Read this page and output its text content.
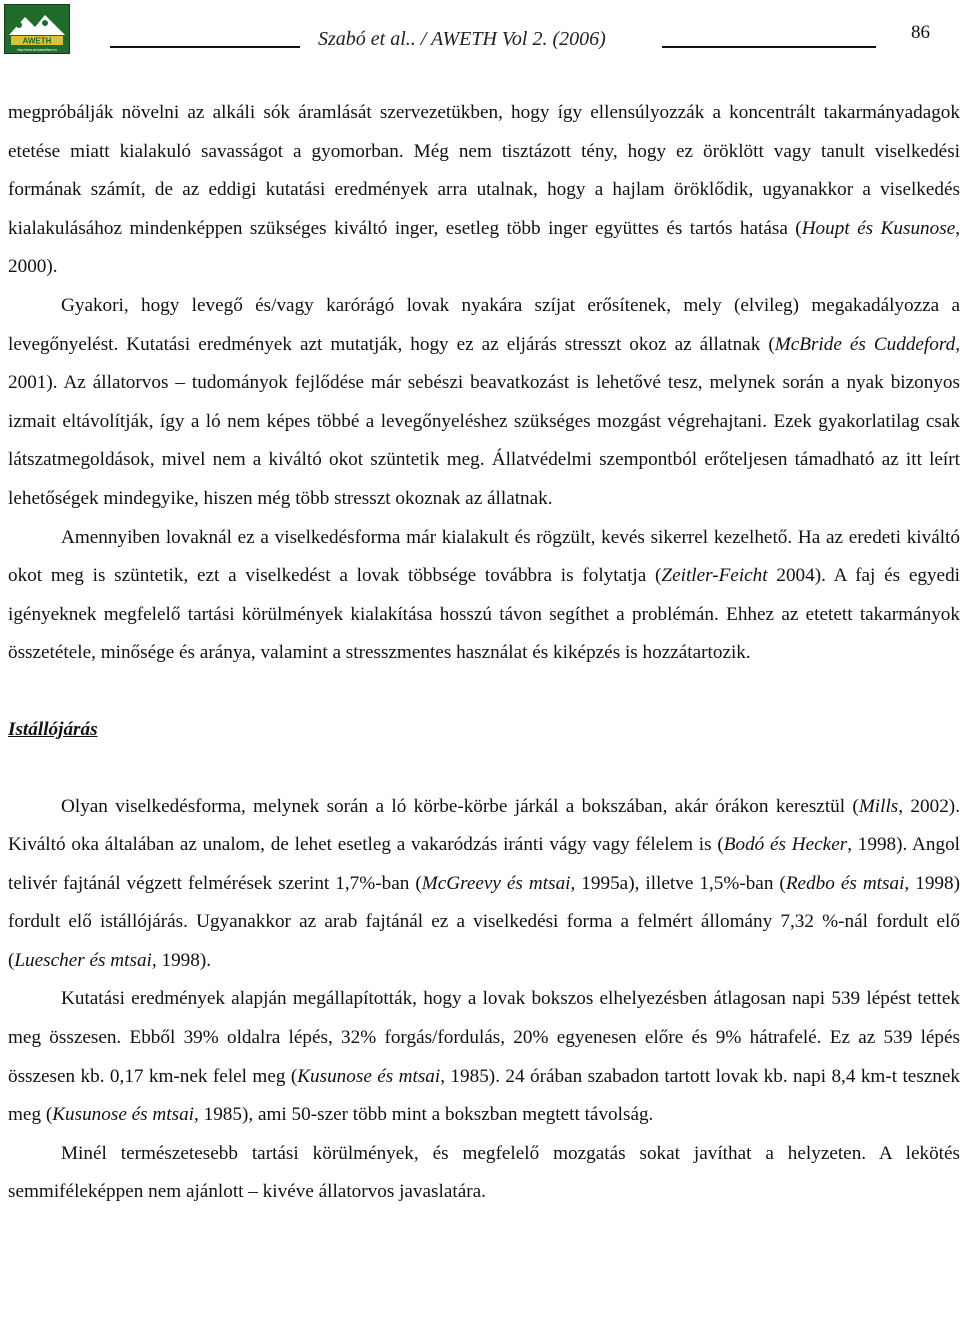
AWETH
http://www.animalwelfare.hu	Szabó et al.. / AWETH Vol 2. (2006)	86

megpróbálják növelni az alkáli sók áramlását szervezetükben, hogy így ellensúlyozzák a koncentrált takarmányadagok etetése miatt kialakuló savasságot a gyomorban. Még nem tisztázott tény, hogy ez öröklött vagy tanult viselkedési formának számít, de az eddigi kutatási eredmények arra utalnak, hogy a hajlam öröklődik, ugyanakkor a viselkedés kialakulásához mindenképpen szükséges kiváltó inger, esetleg több inger együttes és tartós hatása (Houpt és Kusunose, 2000).

Gyakori, hogy levegő és/vagy karórágó lovak nyakára szíjat erősítenek, mely (elvileg) megakadályozza a levegőnyelést. Kutatási eredmények azt mutatják, hogy ez az eljárás stresszt okoz az állatnak (McBride és Cuddeford, 2001). Az állatorvos – tudományok fejlődése már sebészi beavatkozást is lehetővé tesz, melynek során a nyak bizonyos izmait eltávolítják, így a ló nem képes többé a levegőnyeléshez szükséges mozgást végrehajtani. Ezek gyakorlatilag csak látszatmegoldások, mivel nem a kiváltó okot szüntetik meg. Állatvédelmi szempontból erőteljesen támadható az itt leírt lehetőségek mindegyike, hiszen még több stresszt okoznak az állatnak.

Amennyiben lovaknál ez a viselkedésforma már kialakult és rögzült, kevés sikerrel kezelhető. Ha az eredeti kiváltó okot meg is szüntetik, ezt a viselkedést a lovak többsége továbbra is folytatja (Zeitler-Feicht 2004). A faj és egyedi igényeknek megfelelő tartási körülmények kialakítása hosszú távon segíthet a problémán. Ehhez az etetett takarmányok összetétele, minősége és aránya, valamint a stresszmentes használat és kiképzés is hozzátartozik.

Istállójárás

Olyan viselkedésforma, melynek során a ló körbe-körbe járkál a bokszában, akár órákon keresztül (Mills, 2002). Kiváltó oka általában az unalom, de lehet esetleg a vakaródzás iránti vágy vagy félelem is (Bodó és Hecker, 1998). Angol telivér fajtánál végzett felmérések szerint 1,7%-ban (McGreevy és mtsai, 1995a), illetve 1,5%-ban (Redbo és mtsai, 1998) fordult elő istállójárás. Ugyanakkor az arab fajtánál ez a viselkedési forma a felmért állomány 7,32 %-nál fordult elő (Luescher és mtsai, 1998).

Kutatási eredmények alapján megállapították, hogy a lovak bokszos elhelyezésben átlagosan napi 539 lépést tettek meg összesen. Ebből 39% oldalra lépés, 32% forgás/fordulás, 20% egyenesen előre és 9% hátrafelé. Ez az 539 lépés összesen kb. 0,17 km-nek felel meg (Kusunose és mtsai, 1985). 24 órában szabadon tartott lovak kb. napi 8,4 km-t tesznek meg (Kusunose és mtsai, 1985), ami 50-szer több mint a bokszban megtett távolság.

Minél természetesebb tartási körülmények, és megfelelő mozgatás sokat javíthat a helyzeten. A lekötés semmiféleképpen nem ajánlott – kivéve állatorvos javaslatára.
